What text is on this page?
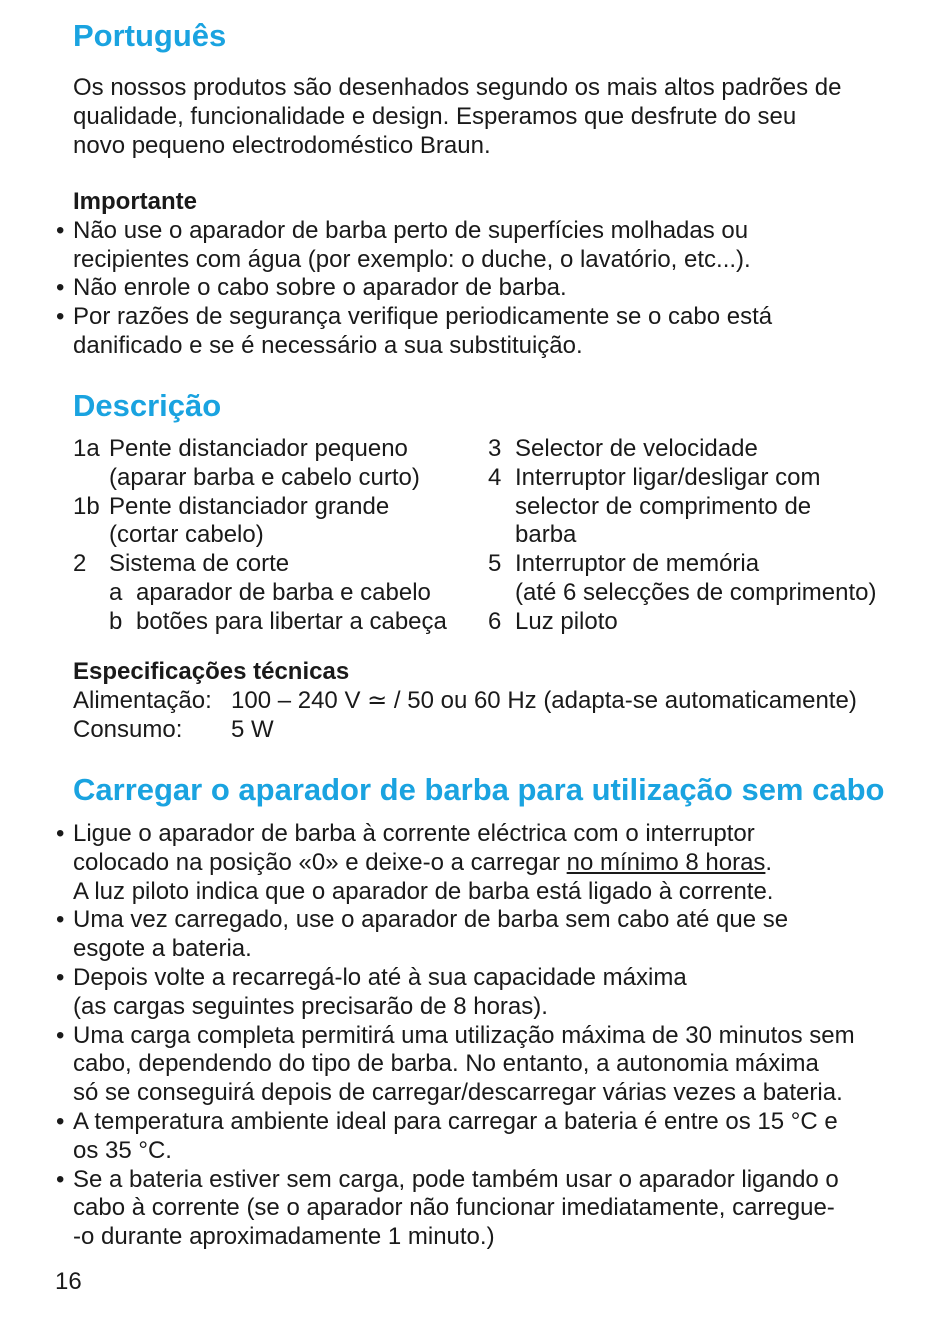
Português
Os nossos produtos são desenhados segundo os mais altos padrões de
qualidade, funcionalidade e design. Esperamos que desfrute do seu
novo pequeno electrodoméstico Braun.
Importante
• Não use o aparador de barba perto de superfícies molhadas ou
recipientes com água (por exemplo: o duche, o lavatório, etc...).
• Não enrole o cabo sobre o aparador de barba.
• Por razões de segurança verifique periodicamente se o cabo está
danificado e se é necessário a sua substituição.
Descrição
1a Pente distanciador pequeno
(aparar barba e cabelo curto)
1b Pente distanciador grande
(cortar cabelo)
2 Sistema de corte
a aparador de barba e cabelo
b botões para libertar a cabeça
3 Selector de velocidade
4 Interruptor ligar/desligar com
selector de comprimento de
barba
5 Interruptor de memória
(até 6 selecções de comprimento)
6 Luz piloto
Especificações técnicas
Alimentação: 100 – 240 V ≃ / 50 ou 60 Hz (adapta-se automaticamente)
Consumo: 5 W
Carregar o aparador de barba para utilização sem cabo
• Ligue o aparador de barba à corrente eléctrica com o interruptor
colocado na posição «0» e deixe-o a carregar no mínimo 8 horas.
A luz piloto indica que o aparador de barba está ligado à corrente.
• Uma vez carregado, use o aparador de barba sem cabo até que se
esgote a bateria.
• Depois volte a recarregá-lo até à sua capacidade máxima
(as cargas seguintes precisarão de 8 horas).
• Uma carga completa permitirá uma utilização máxima de 30 minutos sem
cabo, dependendo do tipo de barba. No entanto, a autonomia máxima
só se conseguirá depois de carregar/descarregar várias vezes a bateria.
• A temperatura ambiente ideal para carregar a bateria é entre os 15 °C e
os 35 °C.
• Se a bateria estiver sem carga, pode também usar o aparador ligando o
cabo à corrente (se o aparador não funcionar imediatamente, carregue-
-o durante aproximadamente 1 minuto.)
16
